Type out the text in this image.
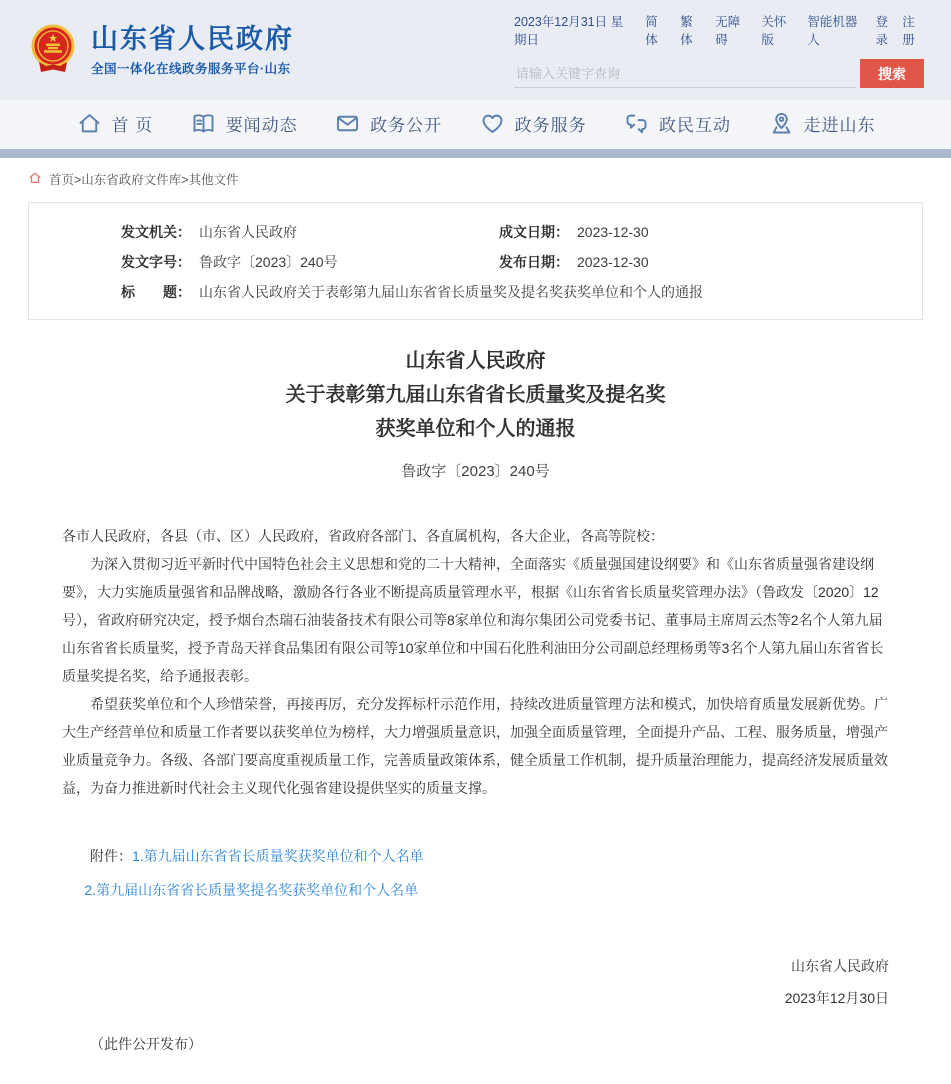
山东省人民政府
全国一体化在线政务服务平台·山东
2023年12月31日 星期日
简体
繁体
无障碍
关怀版
智能机器人
登录
注册
请输入关键字查询
搜索
首 页	要闻动态	政务公开	政务服务	政民互动	走进山东
首页>山东省政府文件库>其他文件
发文机关： 山东省人民政府	成文日期： 2023-12-30
发文字号： 鲁政字〔2023〕240号	发布日期： 2023-12-30
标　　题： 山东省人民政府关于表彰第九届山东省省长质量奖及提名奖获奖单位和个人的通报
山东省人民政府
关于表彰第九届山东省省长质量奖及提名奖
获奖单位和个人的通报
鲁政字〔2023〕240号

各市人民政府，各县（市、区）人民政府，省政府各部门、各直属机构，各大企业，各高等院校：

为深入贯彻习近平新时代中国特色社会主义思想和党的二十大精神，全面落实《质量强国建设纲要》和《山东省质量强省建设纲要》，大力实施质量强省和品牌战略，激励各行各业不断提高质量管理水平，根据《山东省省长质量奖管理办法》（鲁政发〔2020〕12号），省政府研究决定，授予烟台杰瑞石油装备技术有限公司等8家单位和海尔集团公司党委书记、董事局主席周云杰等2名个人第九届山东省省长质量奖，授予青岛天祥食品集团有限公司等10家单位和中国石化胜利油田分公司副总经理杨勇等3名个人第九届山东省省长质量奖提名奖，给予通报表彰。

希望获奖单位和个人珍惜荣誉，再接再厉，充分发挥标杆示范作用，持续改进质量管理方法和模式，加快培育质量发展新优势。广大生产经营单位和质量工作者要以获奖单位为榜样，大力增强质量意识，加强全面质量管理，全面提升产品、工程、服务质量，增强产业质量竞争力。各级、各部门要高度重视质量工作，完善质量政策体系，健全质量工作机制，提升质量治理能力，提高经济发展质量效益，为奋力推进新时代社会主义现代化强省建设提供坚实的质量支撑。

附件：1.第九届山东省省长质量奖获奖单位和个人名单
2.第九届山东省省长质量奖提名奖获奖单位和个人名单
山东省人民政府
2023年12月30日
（此件公开发布）
